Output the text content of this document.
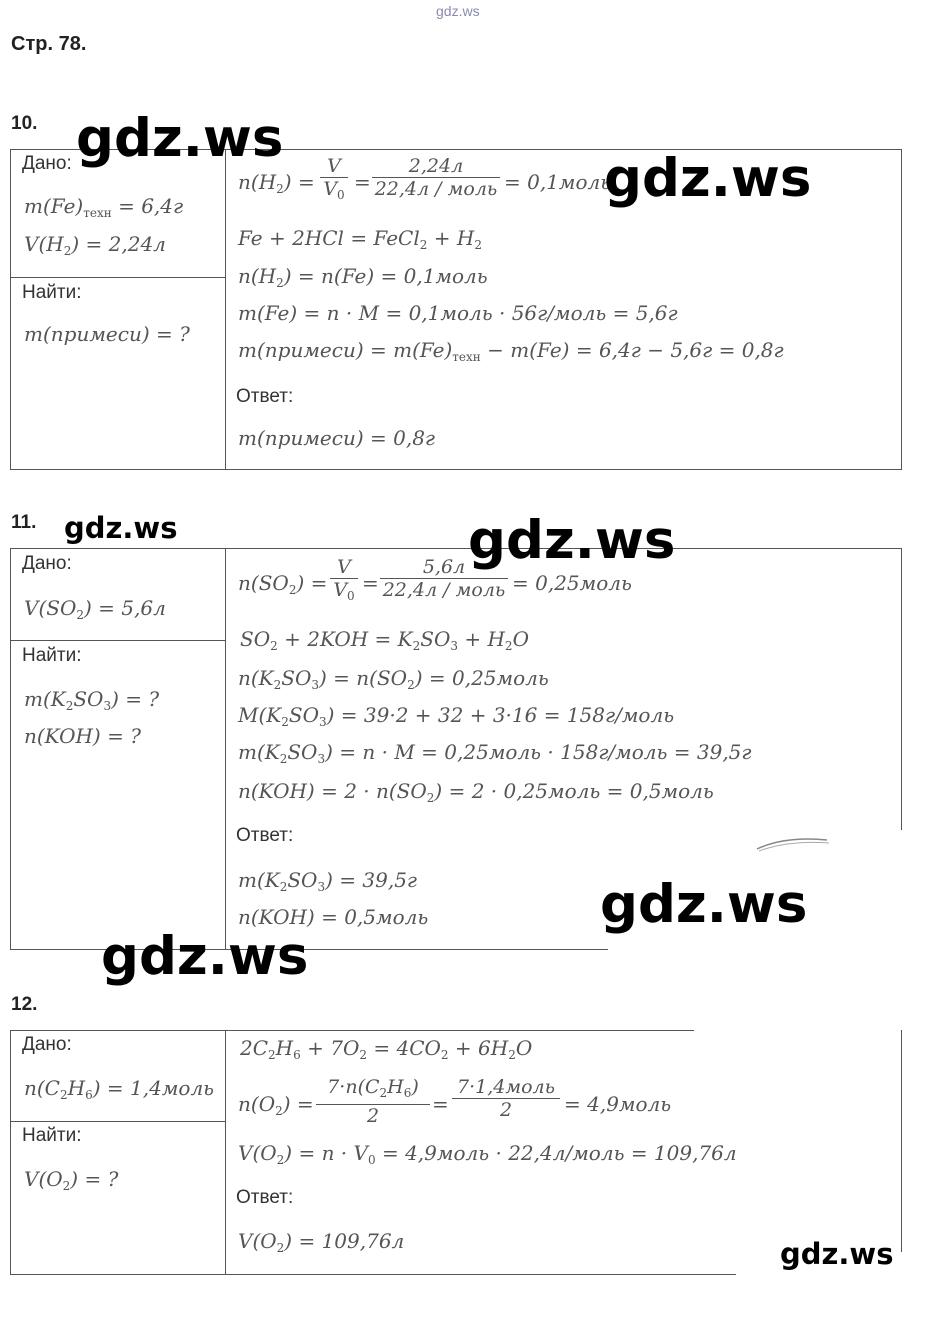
gdz.ws
Стр. 78.
10.
Дано:
$m(Fe)_{техн} = 6,4г$
$V(H_2) = 2,24л$
Найти:
m(примеси) = ?
$n(H_2) = \frac{V}{V_0}$ =
2,24л
22,4л / моль = 0,1моль
Fe + 2HCl = FeCl$_2$ + $H_2$
$n(H_2) = n(Fe)$ = 0,1моль
m(Fe) = n · M = 0,1моль · 56г/моль = 5,6г
m(примеси) = $m(Fe)_{техн} - m(Fe) = 6,4г - 5,6г = 0,8г$
Ответ:
m(примеси) = 0,8г
11.
Дано:
$V(SO_2) = 5,6л$
Найти:
$m(K_2SO_3)$ = ?
n(KOH) = ?
$n(SO_2) = \frac{V}{V_0}$ =
5,6л
22,4л / моль = 0,25моль
$SO_2 + 2KOH = K_2SO_3 + H_2O$
$n(K_2SO_3) = n(SO_2)$ = 0,25моль
$M(K_2SO_3) = 39\cdot 2 + 32 + 3\cdot 16$ = 158г/моль
$m(K_2SO_3) = n \cdot M$ = 0,25моль · 158г/моль = 39,5г
$n(KOH) = 2 \cdot n(SO_2) = 2$ · 0,25моль = 0,5моль
Ответ:
$m(K_2SO_3) = 39,5г$
n(KOH) = 0,5моль
12.
Дано:
$n(C_2H_6)$ = 1,4моль
Найти:
$V(O_2)$ = ?
$2C_2H_6 + 7O_2 = 4CO_2 + 6H_2O$
$n(O_2) = \frac{7\cdot n(C_2H_6)}{2}$ =
7·1,4моль
2	= 4,9моль
$V(O_2) = n \cdot V_0$ = 4,9моль · 22,4л/моль = 109,76л
Ответ:
$V(O_2) = 109,76л$
gdz.ws
gdz.ws
gdz.ws	gdz.ws
gdz.ws
gdz.ws
gdz.ws
